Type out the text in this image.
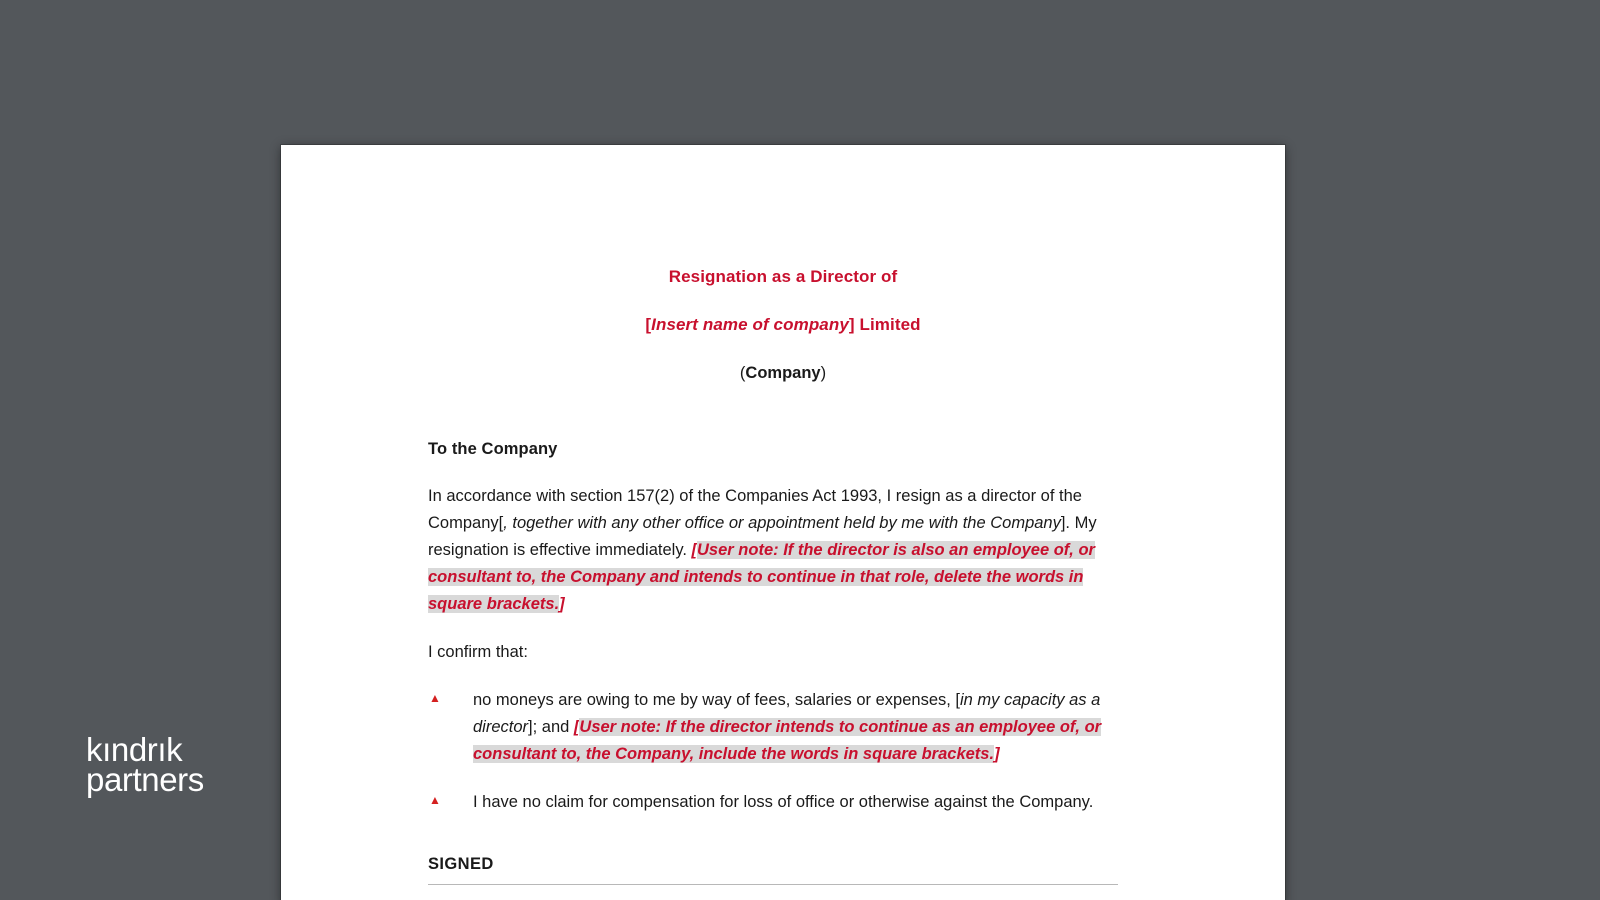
kındrık
partners
Resignation as a Director of
[Insert name of company] Limited
(Company)
To the Company

In accordance with section 157(2) of the Companies Act 1993, I resign as a director of the Company[, together with any other office or appointment held by me with the Company]. My resignation is effective immediately. [User note: If the director is also an employee of, or consultant to, the Company and intends to continue in that role, delete the words in square brackets.]

I confirm that:

▲ no moneys are owing to me by way of fees, salaries or expenses, [in my capacity as a director]; and [User note: If the director intends to continue as an employee of, or consultant to, the Company, include the words in square brackets.]
▲ I have no claim for compensation for loss of office or otherwise against the Company.
SIGNED
